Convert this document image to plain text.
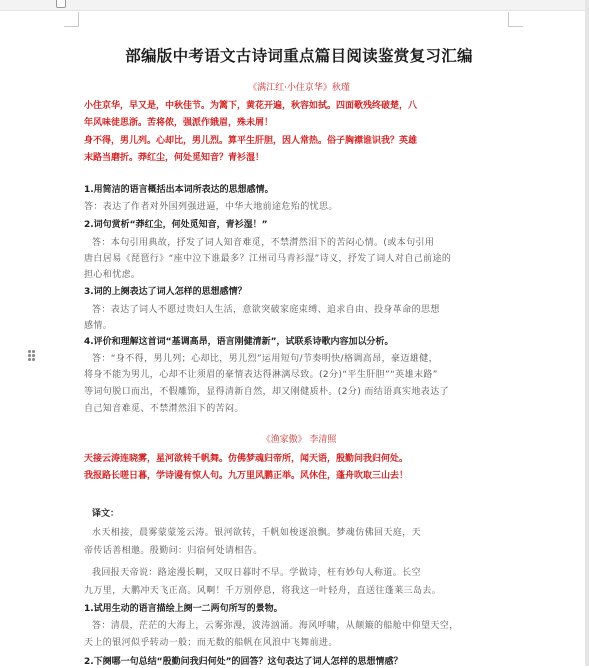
部编版中考语文古诗词重点篇目阅读鉴赏复习汇编
《满江红·小住京华》秋瑾
小住京华，早又是，中秋佳节。为篱下，黄花开遍，秋容如拭。四面歌残终破楚，八
年风味徒思浙。苦将侬，强派作娥眉，殊未屑！
身不得，男儿列。心却比，男儿烈。算平生肝胆，因人常热。俗子胸襟谁识我？英雄
末路当磨折。莽红尘，何处觅知音？青衫湿！
1.用简洁的语言概括出本词所表达的思想感情。
答：表达了作者对外国列强进逼，中华大地前途危殆的忧思。
2.词句赏析“莽红尘，何处觅知音，青衫湿！”
答：本句引用典故，抒发了词人知音难觅，不禁潸然泪下的苦闷心情。(或本句引用
唐白居易《琵琶行》“座中泣下谁最多？江州司马青衫湿”诗义，抒发了词人对自己前途的
担心和忧虑。
3.词的上阕表达了词人怎样的思想感情？
答：表达了词人不愿过贵妇人生活，意欲突破家庭束缚、追求自由、投身革命的思想
感情。
4.评价和理解这首词“基调高昂，语言刚健清新”，试联系诗歌内容加以分析。
答：“身不得，男儿列；心却比，男儿烈”运用短句/节奏明快/格调高昂，豪迈雄健，
将身不能为男儿，心却不让须眉的豪情表达得淋漓尽致。(2分)“平生肝胆”“英雄末路”
等词句脱口而出，不假雕饰，显得清新自然，却又刚健质朴。(2分) 而结语真实地表达了
自己知音难觅、不禁潸然泪下的苦闷。
《渔家傲》 李清照
天接云涛连晓雾，星河欲转千帆舞。仿佛梦魂归帝所，闻天语，殷勤问我归何处。
我报路长嗟日暮，学诗谩有惊人句。九万里风鹏正举。风休住，蓬舟吹取三山去！
译文：
水天相接，晨雾蒙蒙笼云涛。银河欲转，千帆如梭逐浪飘。梦魂仿佛回天庭，天
帝传话善相邀。殷勤问：归宿何处请相告。
我回报天帝说：路途漫长啊，又叹日暮时不早。学做诗，枉有妙句人称道。长空
九万里，大鹏冲天飞正高。风啊！千万别停息，将我这一叶轻舟，直送往蓬莱三岛去。
1.试用生动的语言描绘上阕一二两句所写的景物。
答：清晨，茫茫的大海上，云雾弥漫，波涛汹涌。海风呼啸，从颠簸的船舱中仰望天空，
天上的银河似乎转动一般；而无数的船帆在风浪中飞舞前进。
2.下阕哪一句总结“殷勤问我归何处”的回答？这句表达了词人怎样的思想情感？
